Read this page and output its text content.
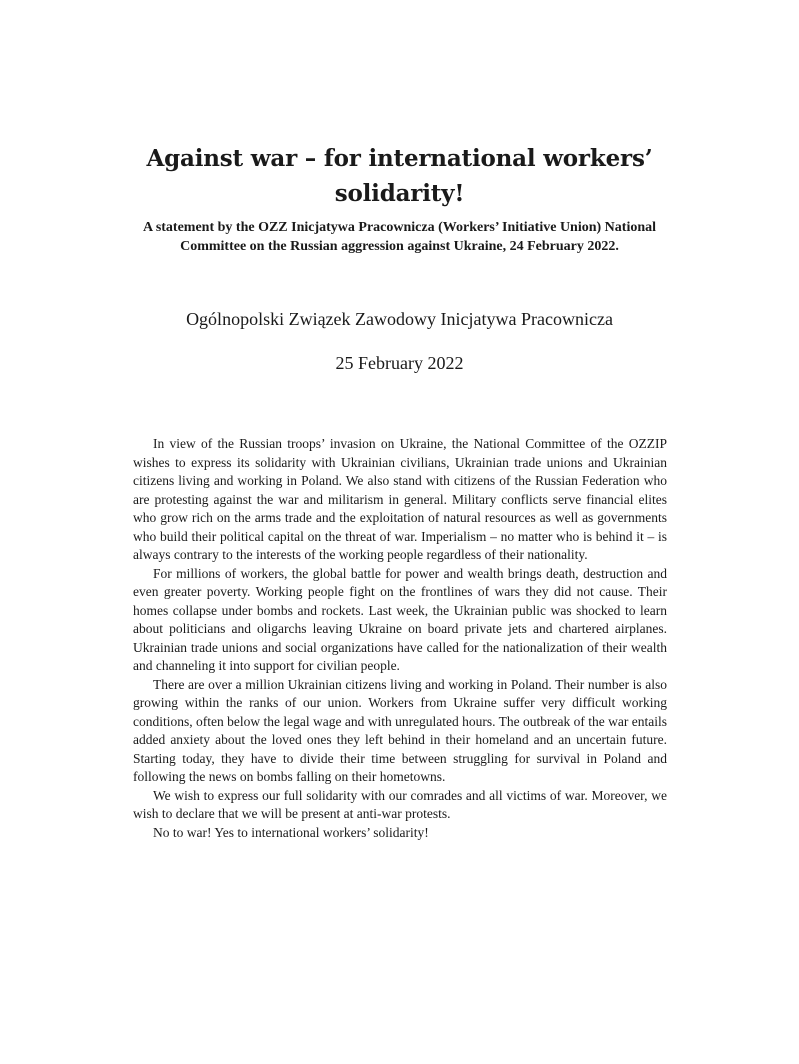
Against war – for international workers’ solidarity!

A statement by the OZZ Inicjatywa Pracownicza (Workers’ Initiative Union) National Committee on the Russian aggression against Ukraine, 24 February 2022.

Ogólnopolski Związek Zawodowy Inicjatywa Pracownicza

25 February 2022

In view of the Russian troops’ invasion on Ukraine, the National Committee of the OZZIP wishes to express its solidarity with Ukrainian civilians, Ukrainian trade unions and Ukrainian citizens living and working in Poland. We also stand with citizens of the Russian Federation who are protesting against the war and militarism in general. Military conflicts serve financial elites who grow rich on the arms trade and the exploitation of natural resources as well as governments who build their political capital on the threat of war. Imperialism – no matter who is behind it – is always contrary to the interests of the working people regardless of their nationality.

For millions of workers, the global battle for power and wealth brings death, destruction and even greater poverty. Working people fight on the frontlines of wars they did not cause. Their homes collapse under bombs and rockets. Last week, the Ukrainian public was shocked to learn about politicians and oligarchs leaving Ukraine on board private jets and chartered airplanes. Ukrainian trade unions and social organizations have called for the nationalization of their wealth and channeling it into support for civilian people.

There are over a million Ukrainian citizens living and working in Poland. Their number is also growing within the ranks of our union. Workers from Ukraine suffer very difficult working conditions, often below the legal wage and with unregulated hours. The outbreak of the war entails added anxiety about the loved ones they left behind in their homeland and an uncertain future. Starting today, they have to divide their time between struggling for survival in Poland and following the news on bombs falling on their hometowns.

We wish to express our full solidarity with our comrades and all victims of war. Moreover, we wish to declare that we will be present at anti-war protests.

No to war! Yes to international workers’ solidarity!
